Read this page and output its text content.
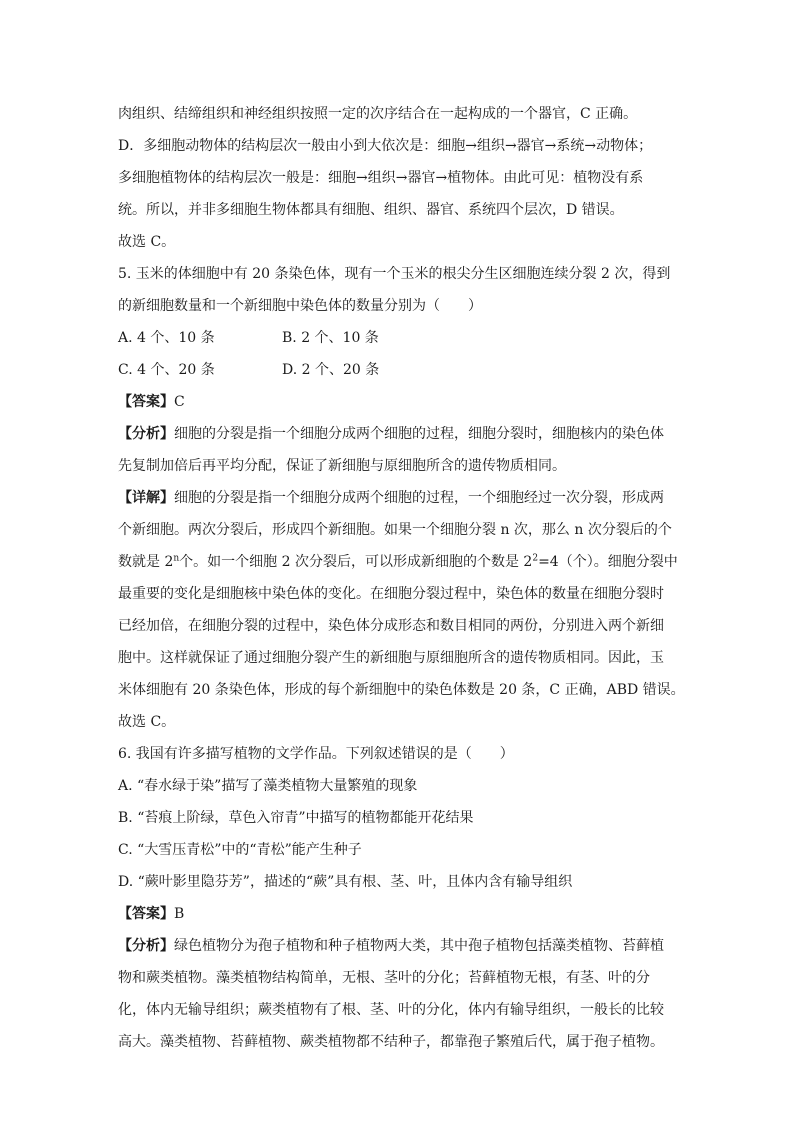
肉组织、结缔组织和神经组织按照一定的次序结合在一起构成的一个器官，C 正确。
D．多细胞动物体的结构层次一般由小到大依次是：细胞→组织→器官→系统→动物体；
多细胞植物体的结构层次一般是：细胞→组织→器官→植物体。由此可见：植物没有系
统。所以，并非多细胞生物体都具有细胞、组织、器官、系统四个层次，D 错误。
故选 C。
5. 玉米的体细胞中有 20 条染色体，现有一个玉米的根尖分生区细胞连续分裂 2 次，得到
的新细胞数量和一个新细胞中染色体的数量分别为（　　）
A. 4 个、10 条	B. 2 个、10 条
C. 4 个、20 条	D. 2 个、20 条
【答案】C
【分析】细胞的分裂是指一个细胞分成两个细胞的过程，细胞分裂时，细胞核内的染色体
先复制加倍后再平均分配，保证了新细胞与原细胞所含的遗传物质相同。
【详解】细胞的分裂是指一个细胞分成两个细胞的过程，一个细胞经过一次分裂，形成两
个新细胞。两次分裂后，形成四个新细胞。如果一个细胞分裂 n 次，那么 n 次分裂后的个
数就是 2$^n$个。如一个细胞 2 次分裂后，可以形成新细胞的个数是 $2^2=4$（个）。细胞分裂中
最重要的变化是细胞核中染色体的变化。在细胞分裂过程中，染色体的数量在细胞分裂时
已经加倍，在细胞分裂的过程中，染色体分成形态和数目相同的两份，分别进入两个新细
胞中。这样就保证了通过细胞分裂产生的新细胞与原细胞所含的遗传物质相同。因此，玉
米体细胞有 20 条染色体，形成的每个新细胞中的染色体数是 20 条，C 正确，ABD 错误。
故选 C。
6. 我国有许多描写植物的文学作品。下列叙述错误的是（　　）
A. “春水绿于染”描写了藻类植物大量繁殖的现象
B. “苔痕上阶绿，草色入帘青”中描写的植物都能开花结果
C. “大雪压青松”中的“青松”能产生种子
D. “蕨叶影里隐芬芳”，描述的“蕨”具有根、茎、叶，且体内含有输导组织
【答案】B
【分析】绿色植物分为孢子植物和种子植物两大类，其中孢子植物包括藻类植物、苔藓植
物和蕨类植物。藻类植物结构简单，无根、茎叶的分化；苔藓植物无根，有茎、叶的分
化，体内无输导组织；蕨类植物有了根、茎、叶的分化，体内有输导组织，一般长的比较
高大。藻类植物、苔藓植物、蕨类植物都不结种子，都靠孢子繁殖后代，属于孢子植物。
